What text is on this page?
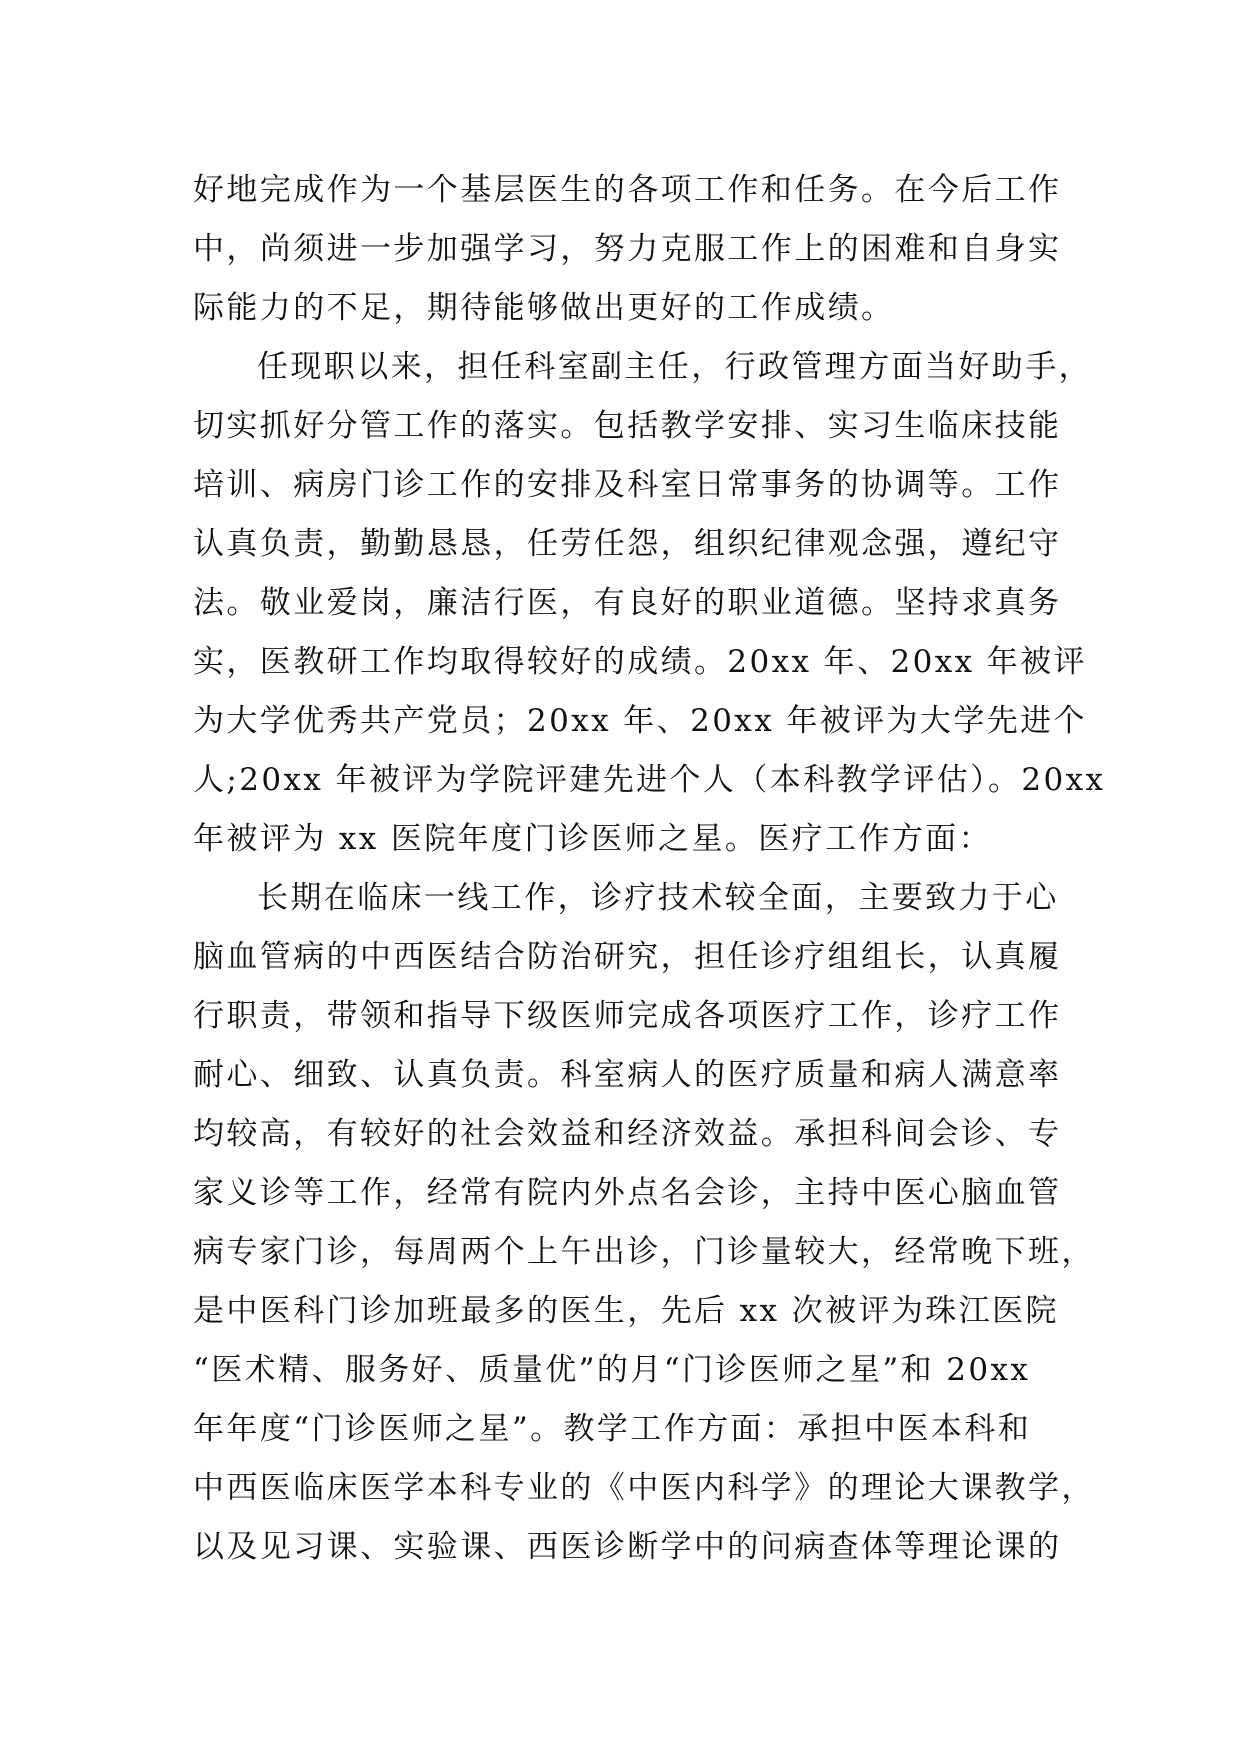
好地完成作为一个基层医生的各项工作和任务。在今后工作
中，尚须进一步加强学习，努力克服工作上的困难和自身实
际能力的不足，期待能够做出更好的工作成绩。
任现职以来，担任科室副主任，行政管理方面当好助手，
切实抓好分管工作的落实。包括教学安排、实习生临床技能
培训、病房门诊工作的安排及科室日常事务的协调等。工作
认真负责，勤勤恳恳，任劳任怨，组织纪律观念强，遵纪守
法。敬业爱岗，廉洁行医，有良好的职业道德。坚持求真务
实，医教研工作均取得较好的成绩。20xx 年、20xx 年被评
为大学优秀共产党员；20xx 年、20xx 年被评为大学先进个
人;20xx 年被评为学院评建先进个人（本科教学评估）。20xx
年被评为 xx 医院年度门诊医师之星。医疗工作方面：
长期在临床一线工作，诊疗技术较全面，主要致力于心
脑血管病的中西医结合防治研究，担任诊疗组组长，认真履
行职责，带领和指导下级医师完成各项医疗工作，诊疗工作
耐心、细致、认真负责。科室病人的医疗质量和病人满意率
均较高，有较好的社会效益和经济效益。承担科间会诊、专
家义诊等工作，经常有院内外点名会诊，主持中医心脑血管
病专家门诊，每周两个上午出诊，门诊量较大，经常晚下班，
是中医科门诊加班最多的医生，先后 xx 次被评为珠江医院
“医术精、服务好、质量优”的月“门诊医师之星”和 20xx
年年度“门诊医师之星”。教学工作方面：承担中医本科和
中西医临床医学本科专业的《中医内科学》的理论大课教学，
以及见习课、实验课、西医诊断学中的问病查体等理论课的
